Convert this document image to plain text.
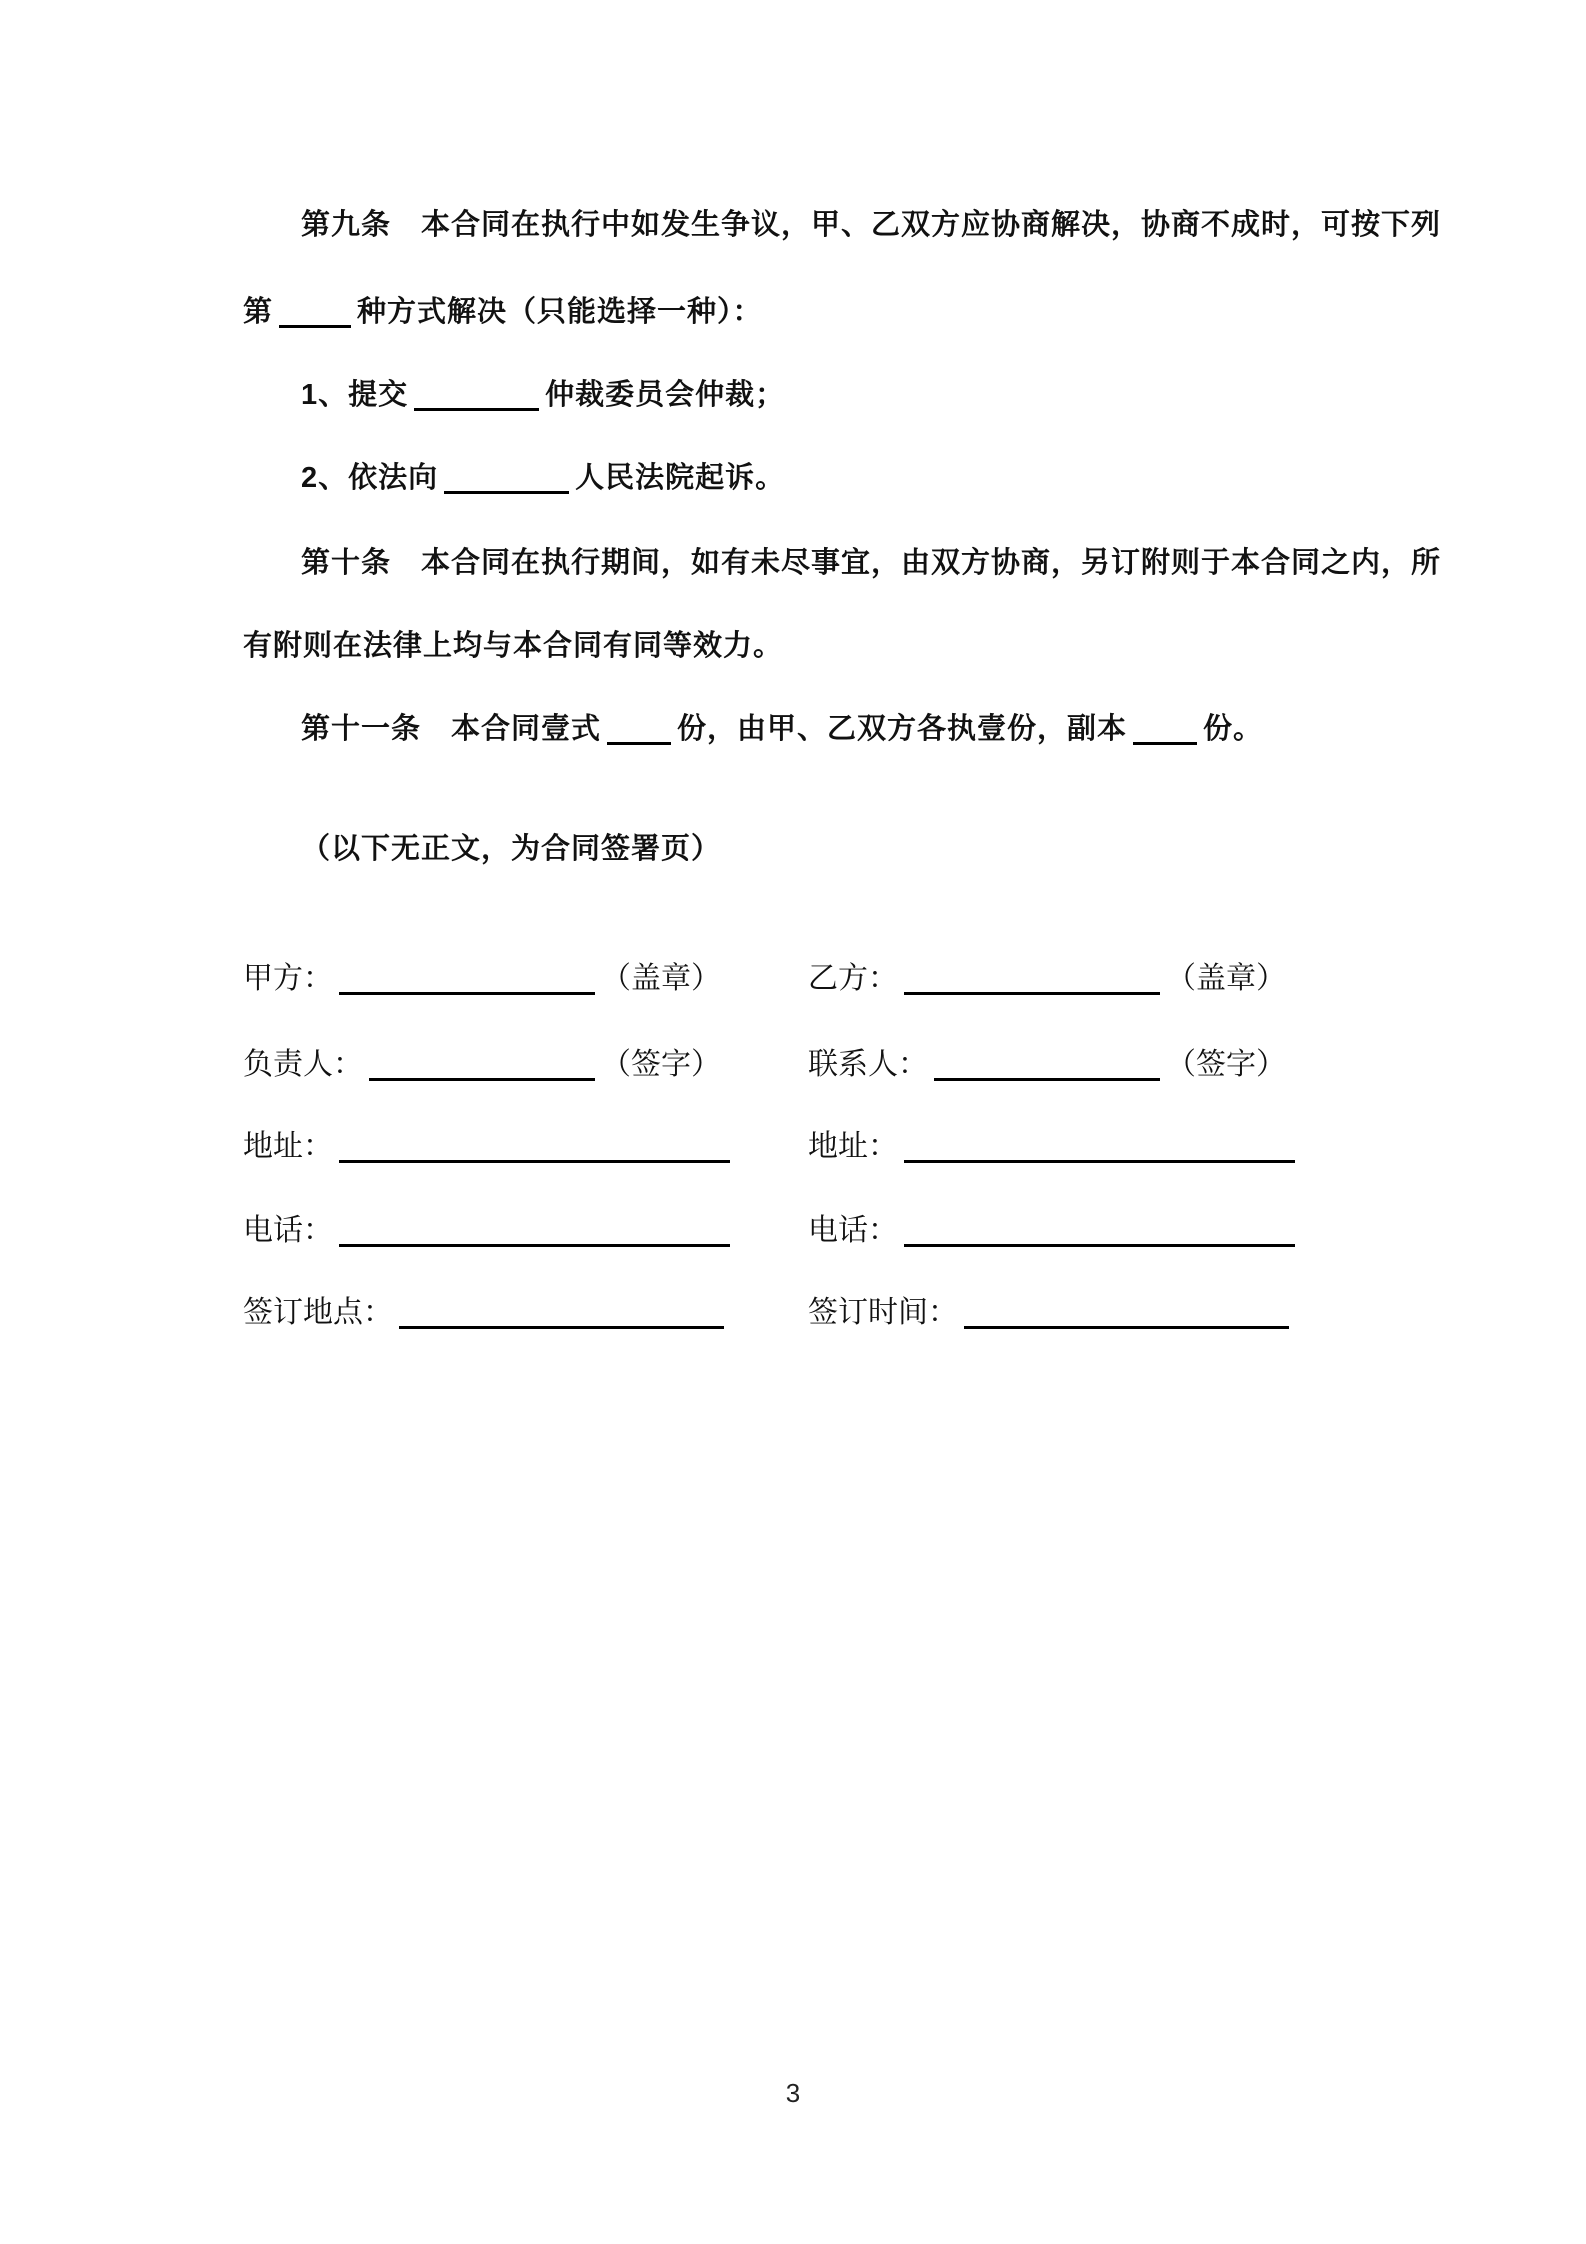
第九条　本合同在执行中如发生争议，甲、乙双方应协商解决，协商不成时，可按下列
第	种方式解决（只能选择一种）：
1、提交	仲裁委员会仲裁；
2、依法向	人民法院起诉。
第十条　本合同在执行期间，如有未尽事宜，由双方协商，另订附则于本合同之内，所
有附则在法律上均与本合同有同等效力。
第十一条　本合同壹式	份，由甲、乙双方各执壹份，副本	份。
（以下无正文，为合同签署页）
甲方：	（盖章）	乙方：	（盖章）
负责人：	（签字）	联系人：	（签字）
地址：	地址：
电话：	电话：
签订地点：	签订时间：
3
